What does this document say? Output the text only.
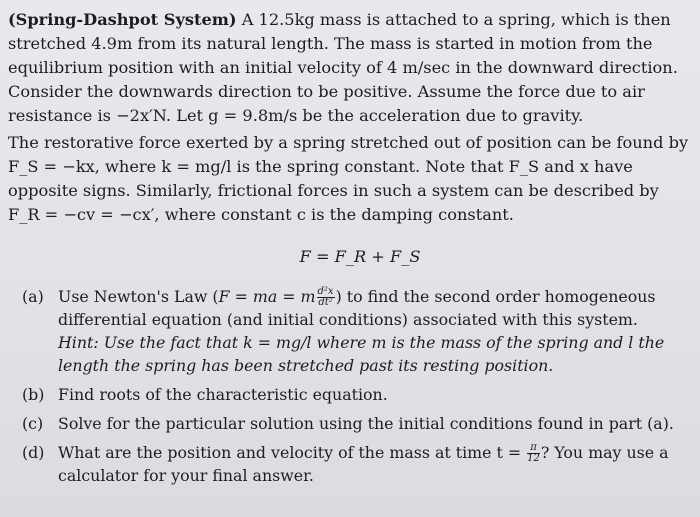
(Spring-Dashpot System) A 12.5kg mass is attached to a spring, which is then stretched 4.9m from its natural length. The mass is started in motion from the equilibrium position with an initial velocity of 4 m/sec in the downward direction. Consider the downwards direction to be positive. Assume the force due to air resistance is −2x′N. Let g = 9.8m/s be the acceleration due to gravity.

The restorative force exerted by a spring stretched out of position can be found by F_S = −kx, where k = mg/l is the spring constant. Note that F_S and x have opposite signs. Similarly, frictional forces in such a system can be described by F_R = −cv = −cx′, where constant c is the damping constant.

F = F_R + F_S

(a) Use Newton's Law (F = ma = m $\frac{\text{d²x}}{\text{dt²}}$ ) to find the second order homogeneous differential equation (and initial conditions) associated with this system.
Hint: Use the fact that k = mg/l where m is the mass of the spring and l the length the spring has been stretched past its resting position.
(b) Find roots of the characteristic equation.
(c) Solve for the particular solution using the initial conditions found in part (a).
(d) What are the position and velocity of the mass at time $t = \frac{\pi}{12}$ ? You may use a calculator for your final answer.
